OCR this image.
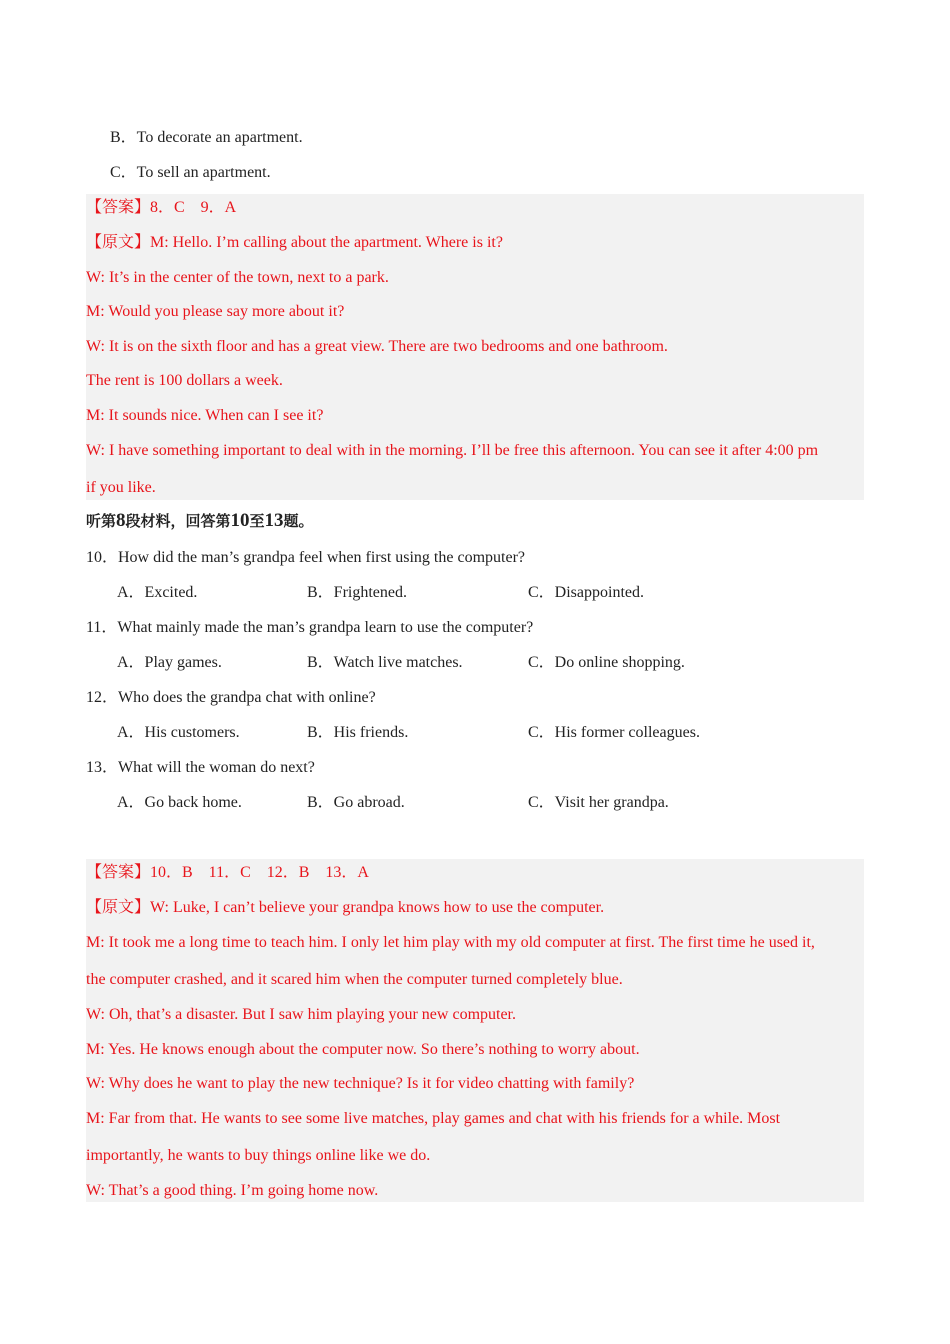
B．To decorate an apartment.
C．To sell an apartment.
【答案】8．C　9．A
【原文】M: Hello. I’m calling about the apartment. Where is it?
W: It’s in the center of the town, next to a park.
M: Would you please say more about it?
W: It is on the sixth floor and has a great view. There are two bedrooms and one bathroom.
The rent is 100 dollars a week.
M: It sounds nice. When can I see it?
W: I have something important to deal with in the morning. I’ll be free this afternoon. You can see it after 4:00 pm
if you like.
听第8段材料，回答第10至13题。
10．How did the man’s grandpa feel when first using the computer?
A．Excited.	B．Frightened.	C．Disappointed.
11．What mainly made the man’s grandpa learn to use the computer?
A．Play games.	B．Watch live matches.	C．Do online shopping.
12．Who does the grandpa chat with online?
A．His customers.	B．His friends.	C．His former colleagues.
13．What will the woman do next?
A．Go back home.	B．Go abroad.	C．Visit her grandpa.
【答案】10．B　11．C　12．B　13．A
【原文】W: Luke, I can’t believe your grandpa knows how to use the computer.
M: It took me a long time to teach him. I only let him play with my old computer at first. The first time he used it,
the computer crashed, and it scared him when the computer turned completely blue.
W: Oh, that’s a disaster. But I saw him playing your new computer.
M: Yes. He knows enough about the computer now. So there’s nothing to worry about.
W: Why does he want to play the new technique? Is it for video chatting with family?
M: Far from that. He wants to see some live matches, play games and chat with his friends for a while. Most
importantly, he wants to buy things online like we do.
W: That’s a good thing. I’m going home now.
